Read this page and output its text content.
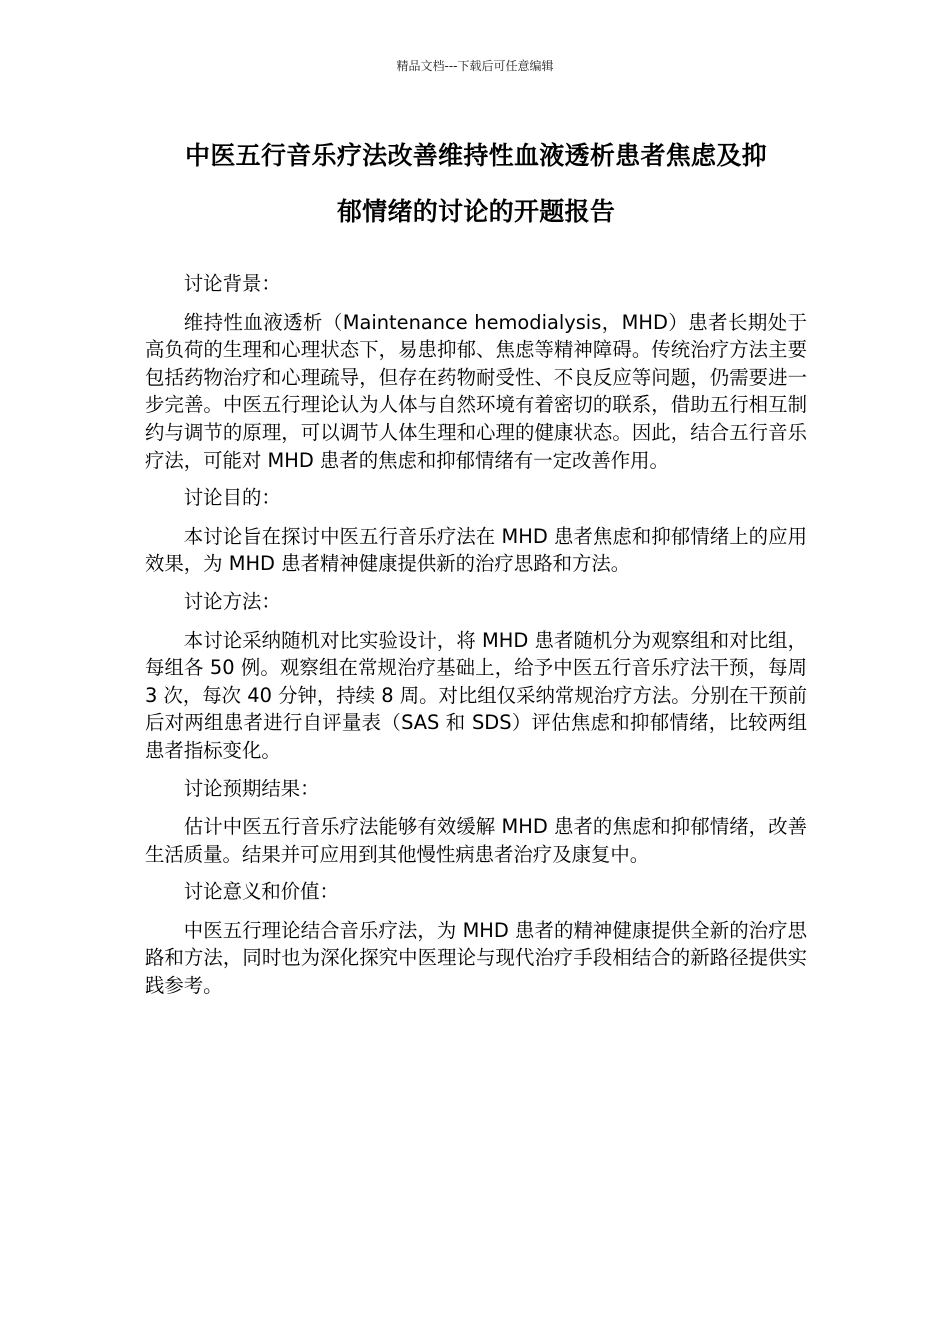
精品文档---下载后可任意编辑
中医五行音乐疗法改善维持性血液透析患者焦虑及抑
郁情绪的讨论的开题报告

讨论背景：

维持性血液透析（Maintenance hemodialysis，MHD）患者长期处于高负荷的生理和心理状态下，易患抑郁、焦虑等精神障碍。传统治疗方法主要包括药物治疗和心理疏导，但存在药物耐受性、不良反应等问题，仍需要进一步完善。中医五行理论认为人体与自然环境有着密切的联系，借助五行相互制约与调节的原理，可以调节人体生理和心理的健康状态。因此，结合五行音乐疗法，可能对 MHD 患者的焦虑和抑郁情绪有一定改善作用。

讨论目的：

本讨论旨在探讨中医五行音乐疗法在 MHD 患者焦虑和抑郁情绪上的应用效果，为 MHD 患者精神健康提供新的治疗思路和方法。

讨论方法：

本讨论采纳随机对比实验设计，将 MHD 患者随机分为观察组和对比组，每组各 50 例。观察组在常规治疗基础上，给予中医五行音乐疗法干预，每周 3 次，每次 40 分钟，持续 8 周。对比组仅采纳常规治疗方法。分别在干预前后对两组患者进行自评量表（SAS 和 SDS）评估焦虑和抑郁情绪，比较两组患者指标变化。

讨论预期结果：

估计中医五行音乐疗法能够有效缓解 MHD 患者的焦虑和抑郁情绪，改善生活质量。结果并可应用到其他慢性病患者治疗及康复中。

讨论意义和价值：

中医五行理论结合音乐疗法，为 MHD 患者的精神健康提供全新的治疗思路和方法，同时也为深化探究中医理论与现代治疗手段相结合的新路径提供实践参考。
